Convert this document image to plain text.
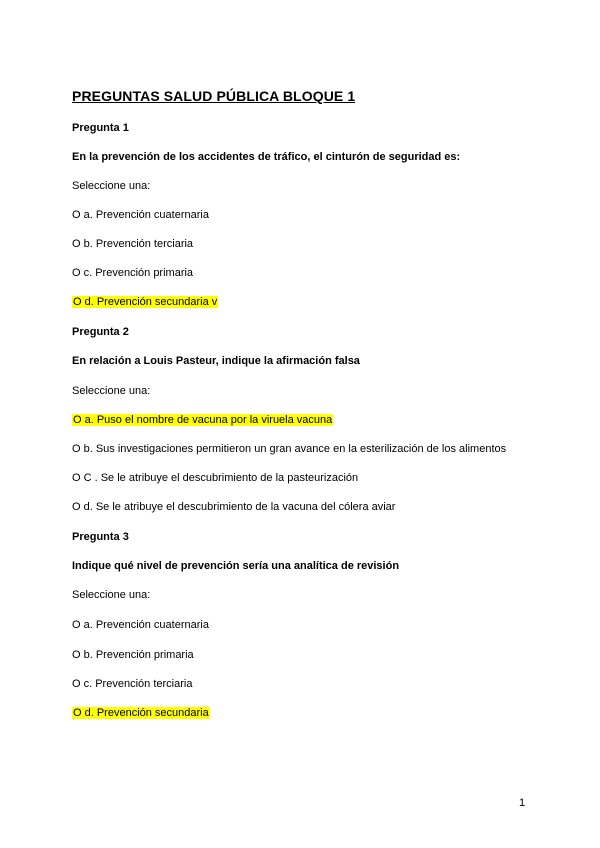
PREGUNTAS SALUD PÚBLICA BLOQUE 1
Pregunta 1
En la prevención de los accidentes de tráfico, el cinturón de seguridad es:
Seleccione una:
O a. Prevención cuaternaria
O b. Prevención terciaria
O c. Prevención primaria
O d. Prevención secundaria v
Pregunta 2
En relación a Louis Pasteur, indique la afirmación falsa
Seleccione una:
O a. Puso el nombre de vacuna por la viruela vacuna
O b. Sus investigaciones permitieron un gran avance en la esterilización de los alimentos
O C . Se le atribuye el descubrimiento de la pasteurización
O d. Se le atribuye el descubrimiento de la vacuna del cólera aviar
Pregunta 3
Indique qué nivel de prevención sería una analítica de revisión
Seleccione una:
O a. Prevención cuaternaria
O b. Prevención primaria
O c. Prevención terciaria
O d. Prevención secundaria
1
